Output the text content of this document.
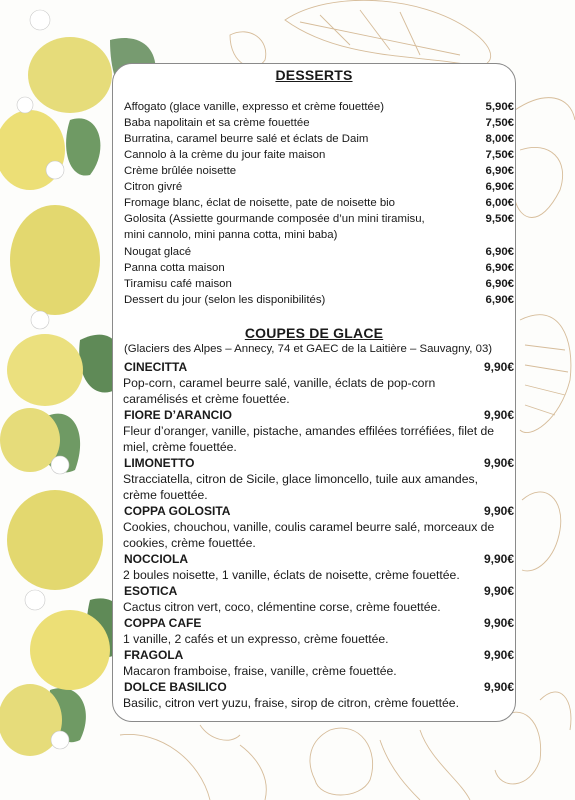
DESSERTS
Affogato (glace vanille, expresso et crème fouettée)	5,90€
Baba napolitain et sa crème fouettée	7,50€
Burratina, caramel beurre salé et éclats de Daim	8,00€
Cannolo à la crème du jour faite maison	7,50€
Crème brûlée noisette	6,90€
Citron givré	6,90€
Fromage blanc, éclat de noisette, pate de noisette bio	6,00€
Golosita (Assiette gourmande composée d’un mini tiramisu,	9,50€
mini cannolo, mini panna cotta, mini baba)
Nougat glacé	6,90€
Panna cotta maison	6,90€
Tiramisu café maison	6,90€
Dessert du jour (selon les disponibilités)	6,90€
COUPES DE GLACE
(Glaciers des Alpes – Annecy, 74 et GAEC de la Laitière – Sauvagny, 03)
CINECITTA	9,90€
Pop-corn, caramel beurre salé, vanille, éclats de pop-corn
caramélisés et crème fouettée.
FIORE D’ARANCIO	9,90€
Fleur d’oranger, vanille, pistache, amandes effilées torréfiées, filet de
miel, crème fouettée.
LIMONETTO	9,90€
Stracciatella, citron de Sicile, glace limoncello, tuile aux amandes,
crème fouettée.
COPPA GOLOSITA	9,90€
Cookies, chouchou, vanille, coulis caramel beurre salé, morceaux de
cookies, crème fouettée.
NOCCIOLA	9,90€
2 boules noisette, 1 vanille, éclats de noisette, crème fouettée.
ESOTICA	9,90€
Cactus citron vert, coco, clémentine corse, crème fouettée.
COPPA CAFE	9,90€
1 vanille, 2 cafés et un expresso, crème fouettée.
FRAGOLA	9,90€
Macaron framboise, fraise, vanille, crème fouettée.
DOLCE BASILICO	9,90€
Basilic, citron vert yuzu, fraise, sirop de citron, crème fouettée.
